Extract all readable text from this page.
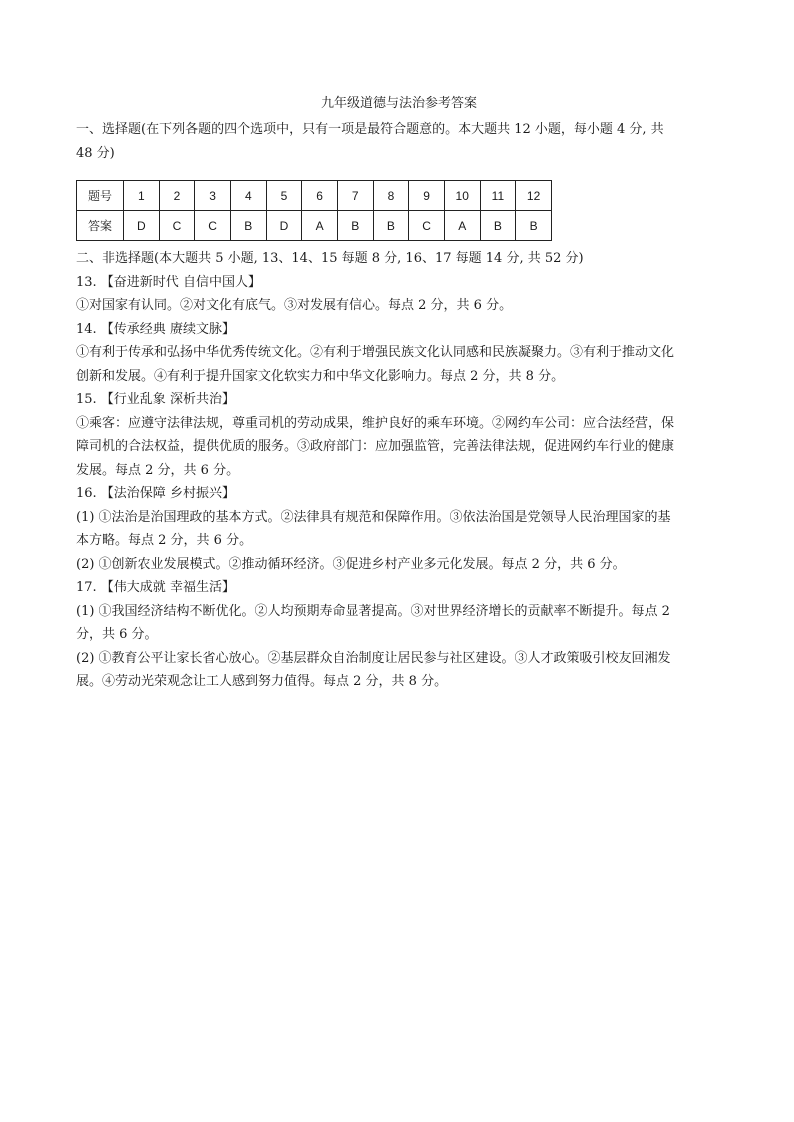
九年级道德与法治参考答案
一、选择题(在下列各题的四个选项中，只有一项是最符合题意的。本大题共 12 小题，每小题 4 分, 共
48 分)
题号	1	2	3	4	5	6	7	8	9	10	11	12
答案	D	C	C	B	D	A	B	B	C	A	B	B
二、非选择题(本大题共 5 小题, 13、14、15 每题 8 分, 16、17 每题 14 分, 共 52 分)
13. 【奋进新时代 自信中国人】
①对国家有认同。②对文化有底气。③对发展有信心。每点 2 分，共 6 分。
14. 【传承经典 赓续文脉】
①有利于传承和弘扬中华优秀传统文化。②有利于增强民族文化认同感和民族凝聚力。③有利于推动文化
创新和发展。④有利于提升国家文化软实力和中华文化影响力。每点 2 分，共 8 分。
15. 【行业乱象 深析共治】
①乘客：应遵守法律法规，尊重司机的劳动成果，维护良好的乘车环境。②网约车公司：应合法经营，保
障司机的合法权益，提供优质的服务。③政府部门：应加强监管，完善法律法规，促进网约车行业的健康
发展。每点 2 分，共 6 分。
16. 【法治保障 乡村振兴】
(1) ①法治是治国理政的基本方式。②法律具有规范和保障作用。③依法治国是党领导人民治理国家的基
本方略。每点 2 分，共 6 分。
(2) ①创新农业发展模式。②推动循环经济。③促进乡村产业多元化发展。每点 2 分，共 6 分。
17. 【伟大成就 幸福生活】
(1) ①我国经济结构不断优化。②人均预期寿命显著提高。③对世界经济增长的贡献率不断提升。每点 2
分，共 6 分。
(2) ①教育公平让家长省心放心。②基层群众自治制度让居民参与社区建设。③人才政策吸引校友回湘发
展。④劳动光荣观念让工人感到努力值得。每点 2 分，共 8 分。
